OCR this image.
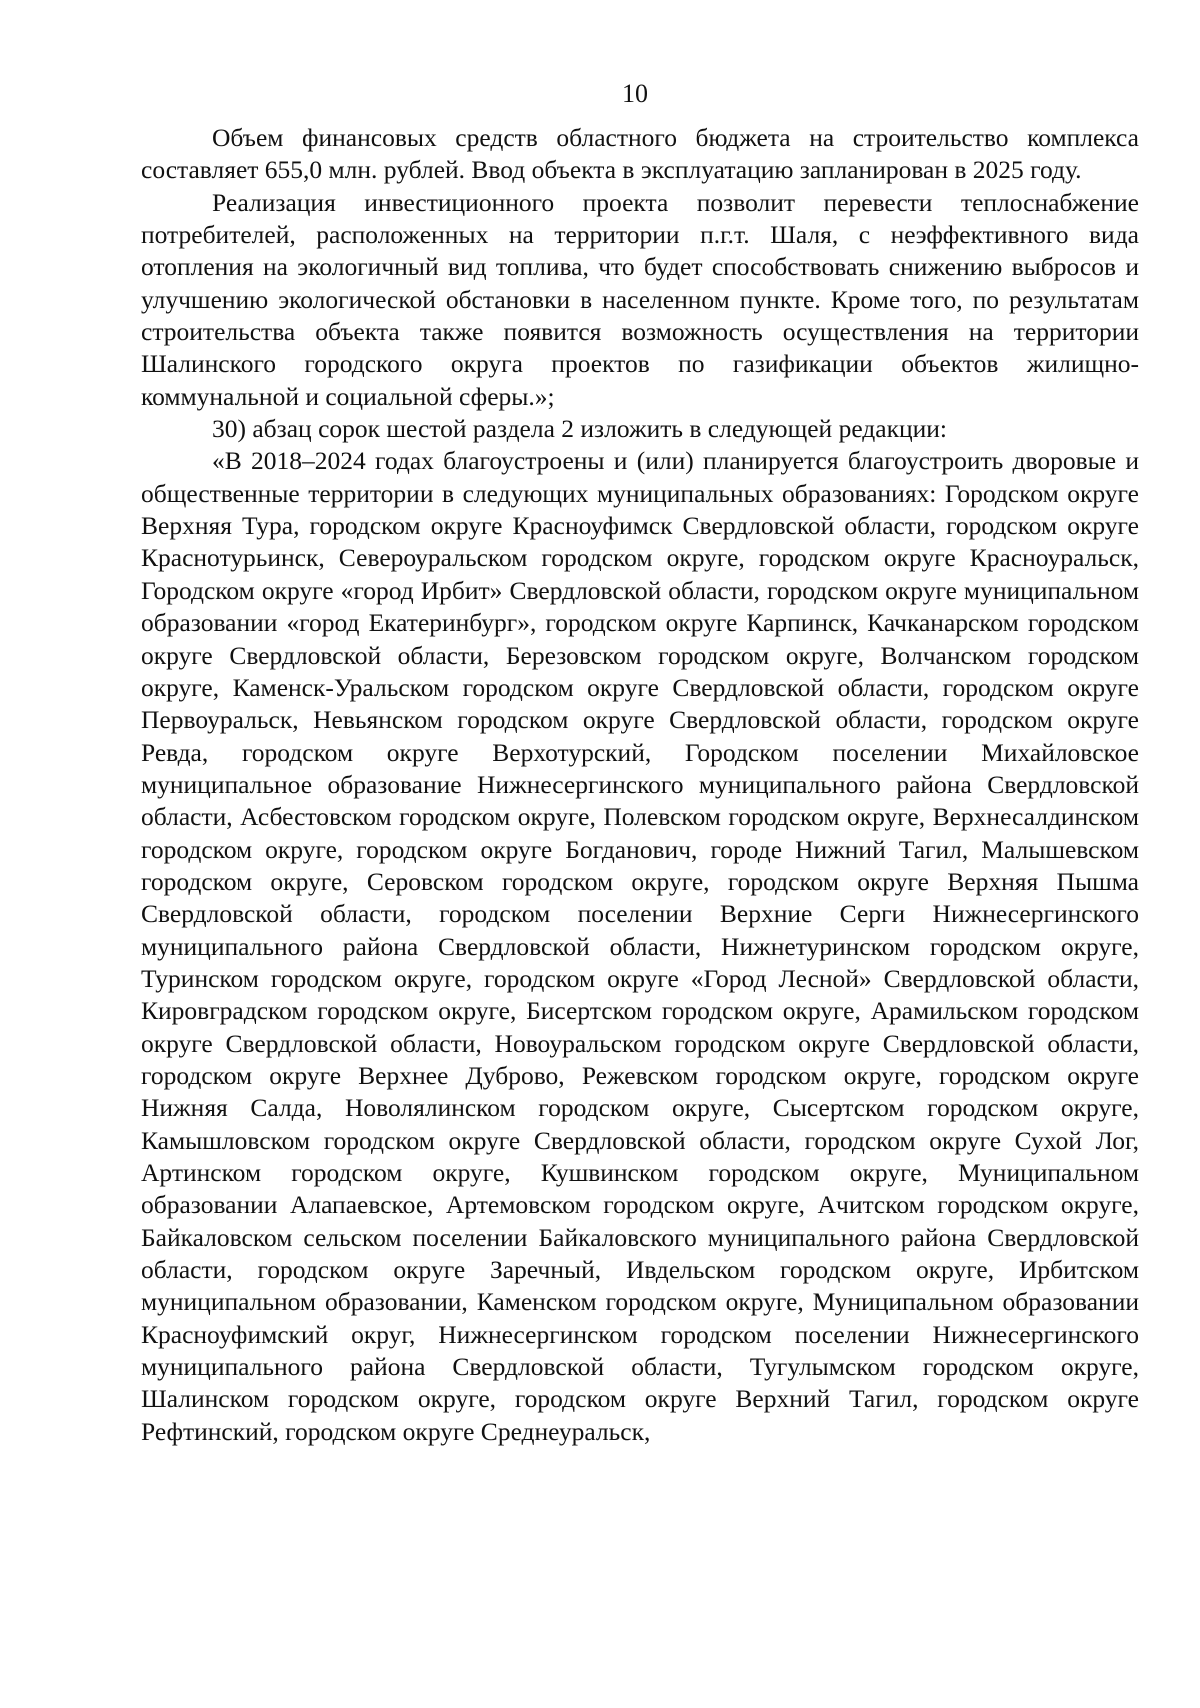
10

Объем финансовых средств областного бюджета на строительство комплекса составляет 655,0 млн. рублей. Ввод объекта в эксплуатацию запланирован в 2025 году.

Реализация инвестиционного проекта позволит перевести теплоснабжение потребителей, расположенных на территории п.г.т. Шаля, с неэффективного вида отопления на экологичный вид топлива, что будет способствовать снижению выбросов и улучшению экологической обстановки в населенном пункте. Кроме того, по результатам строительства объекта также появится возможность осуществления на территории Шалинского городского округа проектов по газификации объектов жилищно-коммунальной и социальной сферы.»;

30) абзац сорок шестой раздела 2 изложить в следующей редакции:

«В 2018–2024 годах благоустроены и (или) планируется благоустроить дворовые и общественные территории в следующих муниципальных образованиях: Городском округе Верхняя Тура, городском округе Красноуфимск Свердловской области, городском округе Краснотурьинск, Североуральском городском округе, городском округе Красноуральск, Городском округе «город Ирбит» Свердловской области, городском округе муниципальном образовании «город Екатеринбург», городском округе Карпинск, Качканарском городском округе Свердловской области, Березовском городском округе, Волчанском городском округе, Каменск-Уральском городском округе Свердловской области, городском округе Первоуральск, Невьянском городском округе Свердловской области, городском округе Ревда, городском округе Верхотурский, Городском поселении Михайловское муниципальное образование Нижнесергинского муниципального района Свердловской области, Асбестовском городском округе, Полевском городском округе, Верхнесалдинском городском округе, городском округе Богданович, городе Нижний Тагил, Малышевском городском округе, Серовском городском округе, городском округе Верхняя Пышма Свердловской области, городском поселении Верхние Серги Нижнесергинского муниципального района Свердловской области, Нижнетуринском городском округе, Туринском городском округе, городском округе «Город Лесной» Свердловской области, Кировградском городском округе, Бисертском городском округе, Арамильском городском округе Свердловской области, Новоуральском городском округе Свердловской области, городском округе Верхнее Дуброво, Режевском городском округе, городском округе Нижняя Салда, Новолялинском городском округе, Сысертском городском округе, Камышловском городском округе Свердловской области, городском округе Сухой Лог, Артинском городском округе, Кушвинском городском округе, Муниципальном образовании Алапаевское, Артемовском городском округе, Ачитском городском округе, Байкаловском сельском поселении Байкаловского муниципального района Свердловской области, городском округе Заречный, Ивдельском городском округе, Ирбитском муниципальном образовании, Каменском городском округе, Муниципальном образовании Красноуфимский округ, Нижнесергинском городском поселении Нижнесергинского муниципального района Свердловской области, Тугулымском городском округе, Шалинском городском округе, городском округе Верхний Тагил, городском округе Рефтинский, городском округе Среднеуральск,
